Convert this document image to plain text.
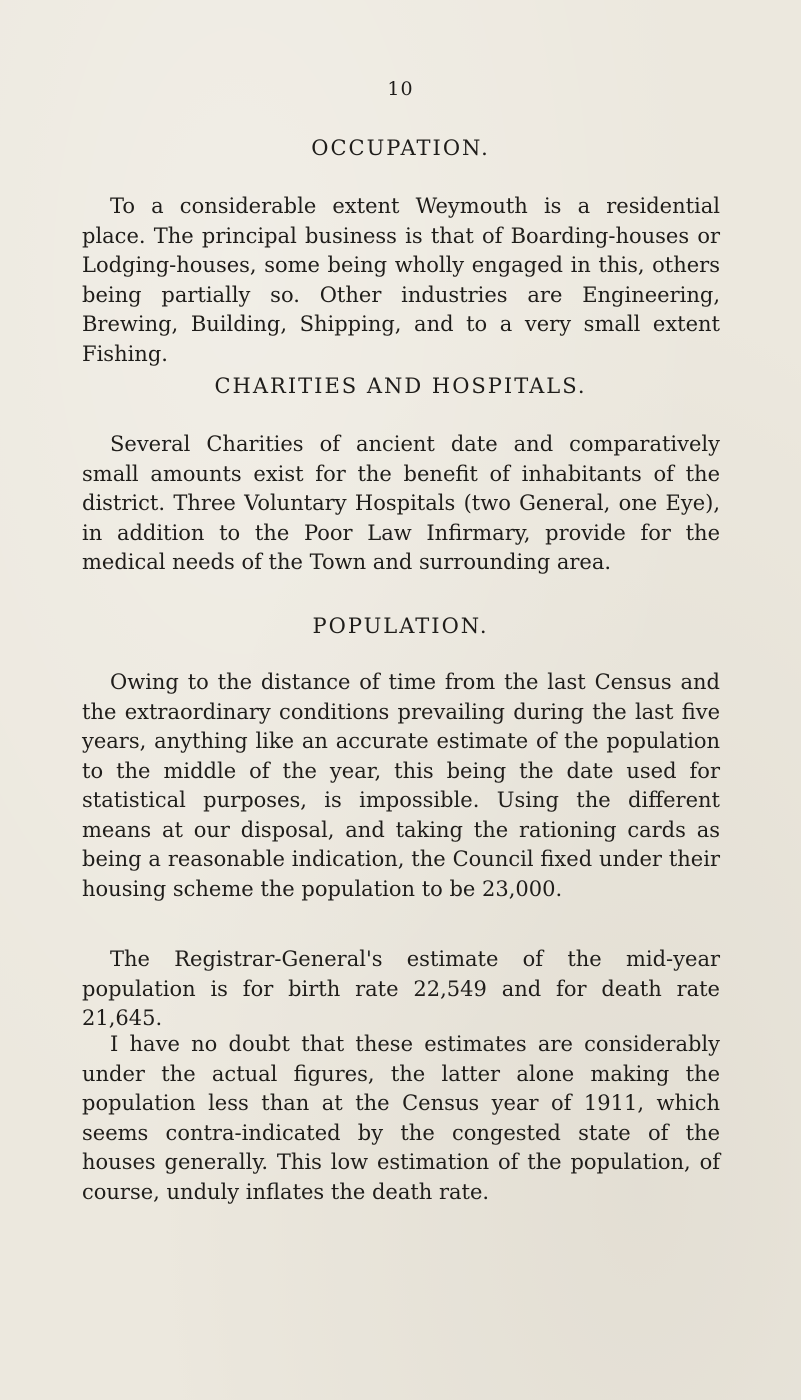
10
OCCUPATION.

To a considerable extent Weymouth is a residential place. The principal business is that of Boarding-houses or Lodging-houses, some being wholly engaged in this, others being partially so. Other industries are Engineering, Brewing, Building, Shipping, and to a very small extent Fishing.

CHARITIES AND HOSPITALS.

Several Charities of ancient date and comparatively small amounts exist for the benefit of inhabitants of the district. Three Voluntary Hospitals (two General, one Eye), in addition to the Poor Law Infirmary, provide for the medical needs of the Town and surrounding area.

POPULATION.

Owing to the distance of time from the last Census and the extraordinary conditions prevailing during the last five years, anything like an accurate estimate of the population to the middle of the year, this being the date used for statistical purposes, is impossible. Using the different means at our disposal, and taking the rationing cards as being a reasonable indication, the Council fixed under their housing scheme the population to be 23,000.

The Registrar-General's estimate of the mid-year population is for birth rate 22,549 and for death rate 21,645.

I have no doubt that these estimates are considerably under the actual figures, the latter alone making the population less than at the Census year of 1911, which seems contra-indicated by the congested state of the houses generally. This low estimation of the population, of course, unduly inflates the death rate.
